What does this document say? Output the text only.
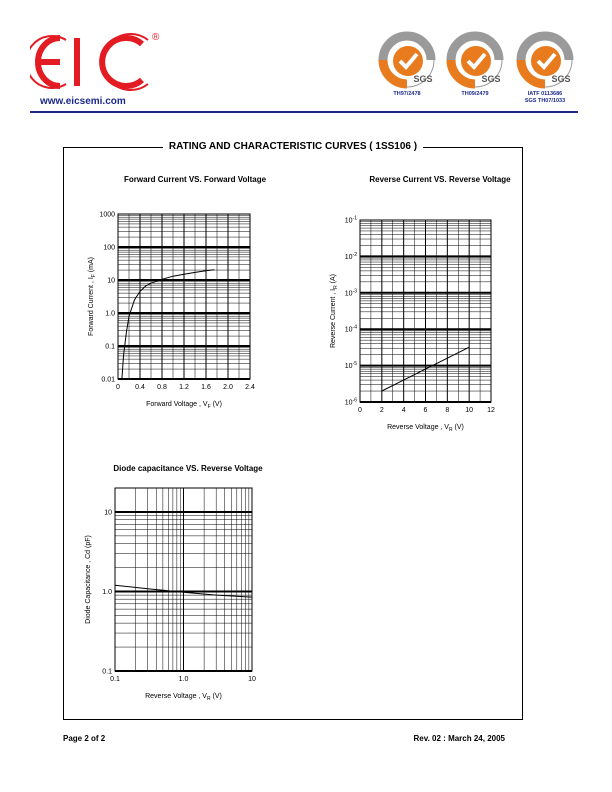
®
www.eicsemi.com
SGS
TH97/2478
SGS
TH09/2479
SGS
IATF 0113686
SGS TH07/1033
RATING AND CHARACTERISTIC CURVES ( 1SS106 )
Forward Current VS. Forward Voltage	Reverse Current VS. Reverse Voltage
Diode capacitance VS. Reverse Voltage
0.01
0.1
1.0
10
100
1000
0 0.4 0.8 1.2 1.6 2.0 2.4
Forward Voltage , $V_F$ (V)
Forward Current , $I_F$ (mA)
$10^{-6}$
$10^{-5}$
$10^{-4}$
$10^{-3}$
$10^{-2}$
$10^{-1}$
0	2	4	6	8 10 12
Reverse Voltage , $V_R$ (V)
Reverse Current , $I_R$ (A)
0.1
1.0
10
0.1	1.0	10
Reverse Voltage , $V_R$ (V)
Diode Capacitance , Cd (pF)
Page 2 of 2	Rev. 02 : March 24, 2005
